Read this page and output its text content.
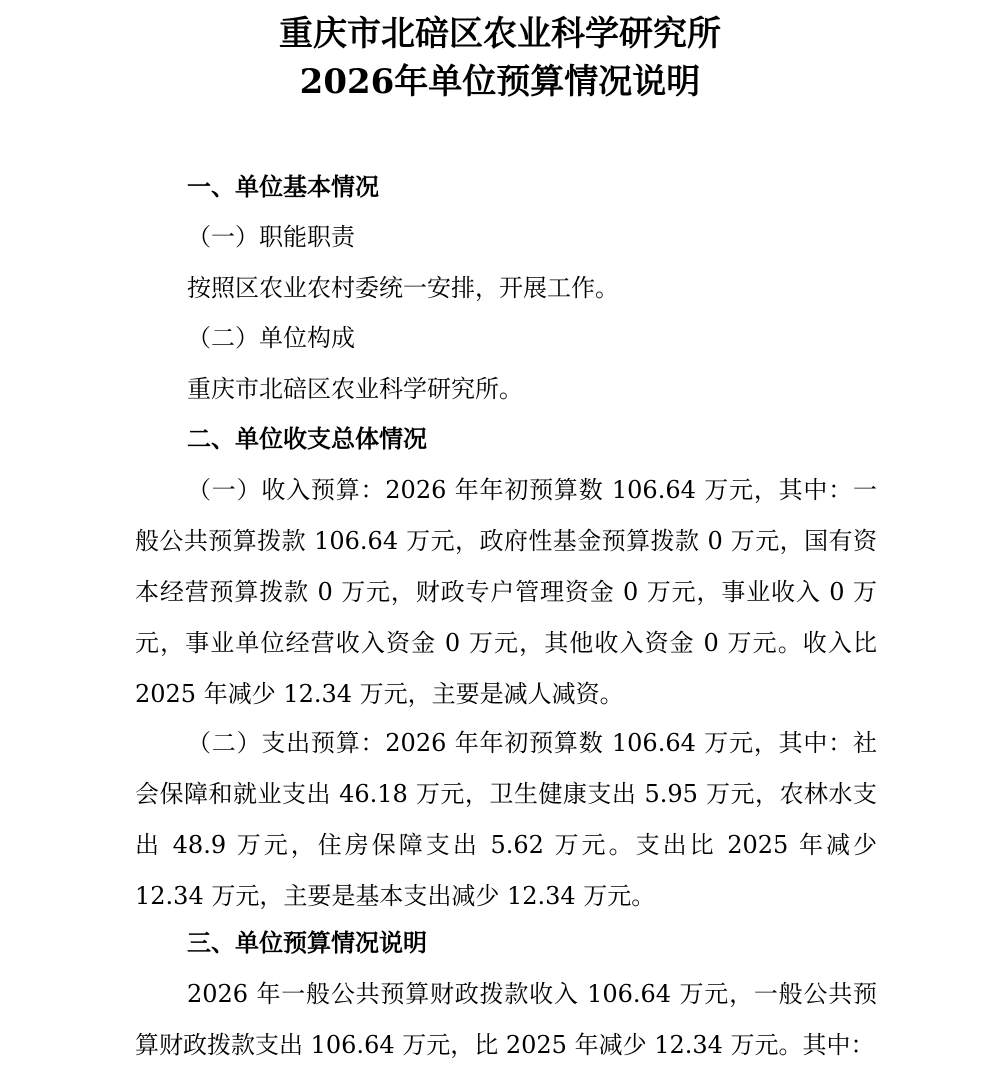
重庆市北碚区农业科学研究所
2026年单位预算情况说明
一、单位基本情况
（一）职能职责
按照区农业农村委统一安排，开展工作。
（二）单位构成
重庆市北碚区农业科学研究所。
二、单位收支总体情况
（一）收入预算：2026 年年初预算数 106.64 万元，其中：一般公共预算拨款 106.64 万元，政府性基金预算拨款 0 万元，国有资本经营预算拨款 0 万元，财政专户管理资金 0 万元，事业收入 0 万元，事业单位经营收入资金 0 万元，其他收入资金 0 万元。收入比 2025 年减少 12.34 万元，主要是减人减资。
（二）支出预算：2026 年年初预算数 106.64 万元，其中：社会保障和就业支出 46.18 万元，卫生健康支出 5.95 万元，农林水支出 48.9 万元，住房保障支出 5.62 万元。支出比 2025 年减少 12.34 万元，主要是基本支出减少 12.34 万元。
三、单位预算情况说明
2026 年一般公共预算财政拨款收入 106.64 万元，一般公共预算财政拨款支出 106.64 万元，比 2025 年减少 12.34 万元。其中：
